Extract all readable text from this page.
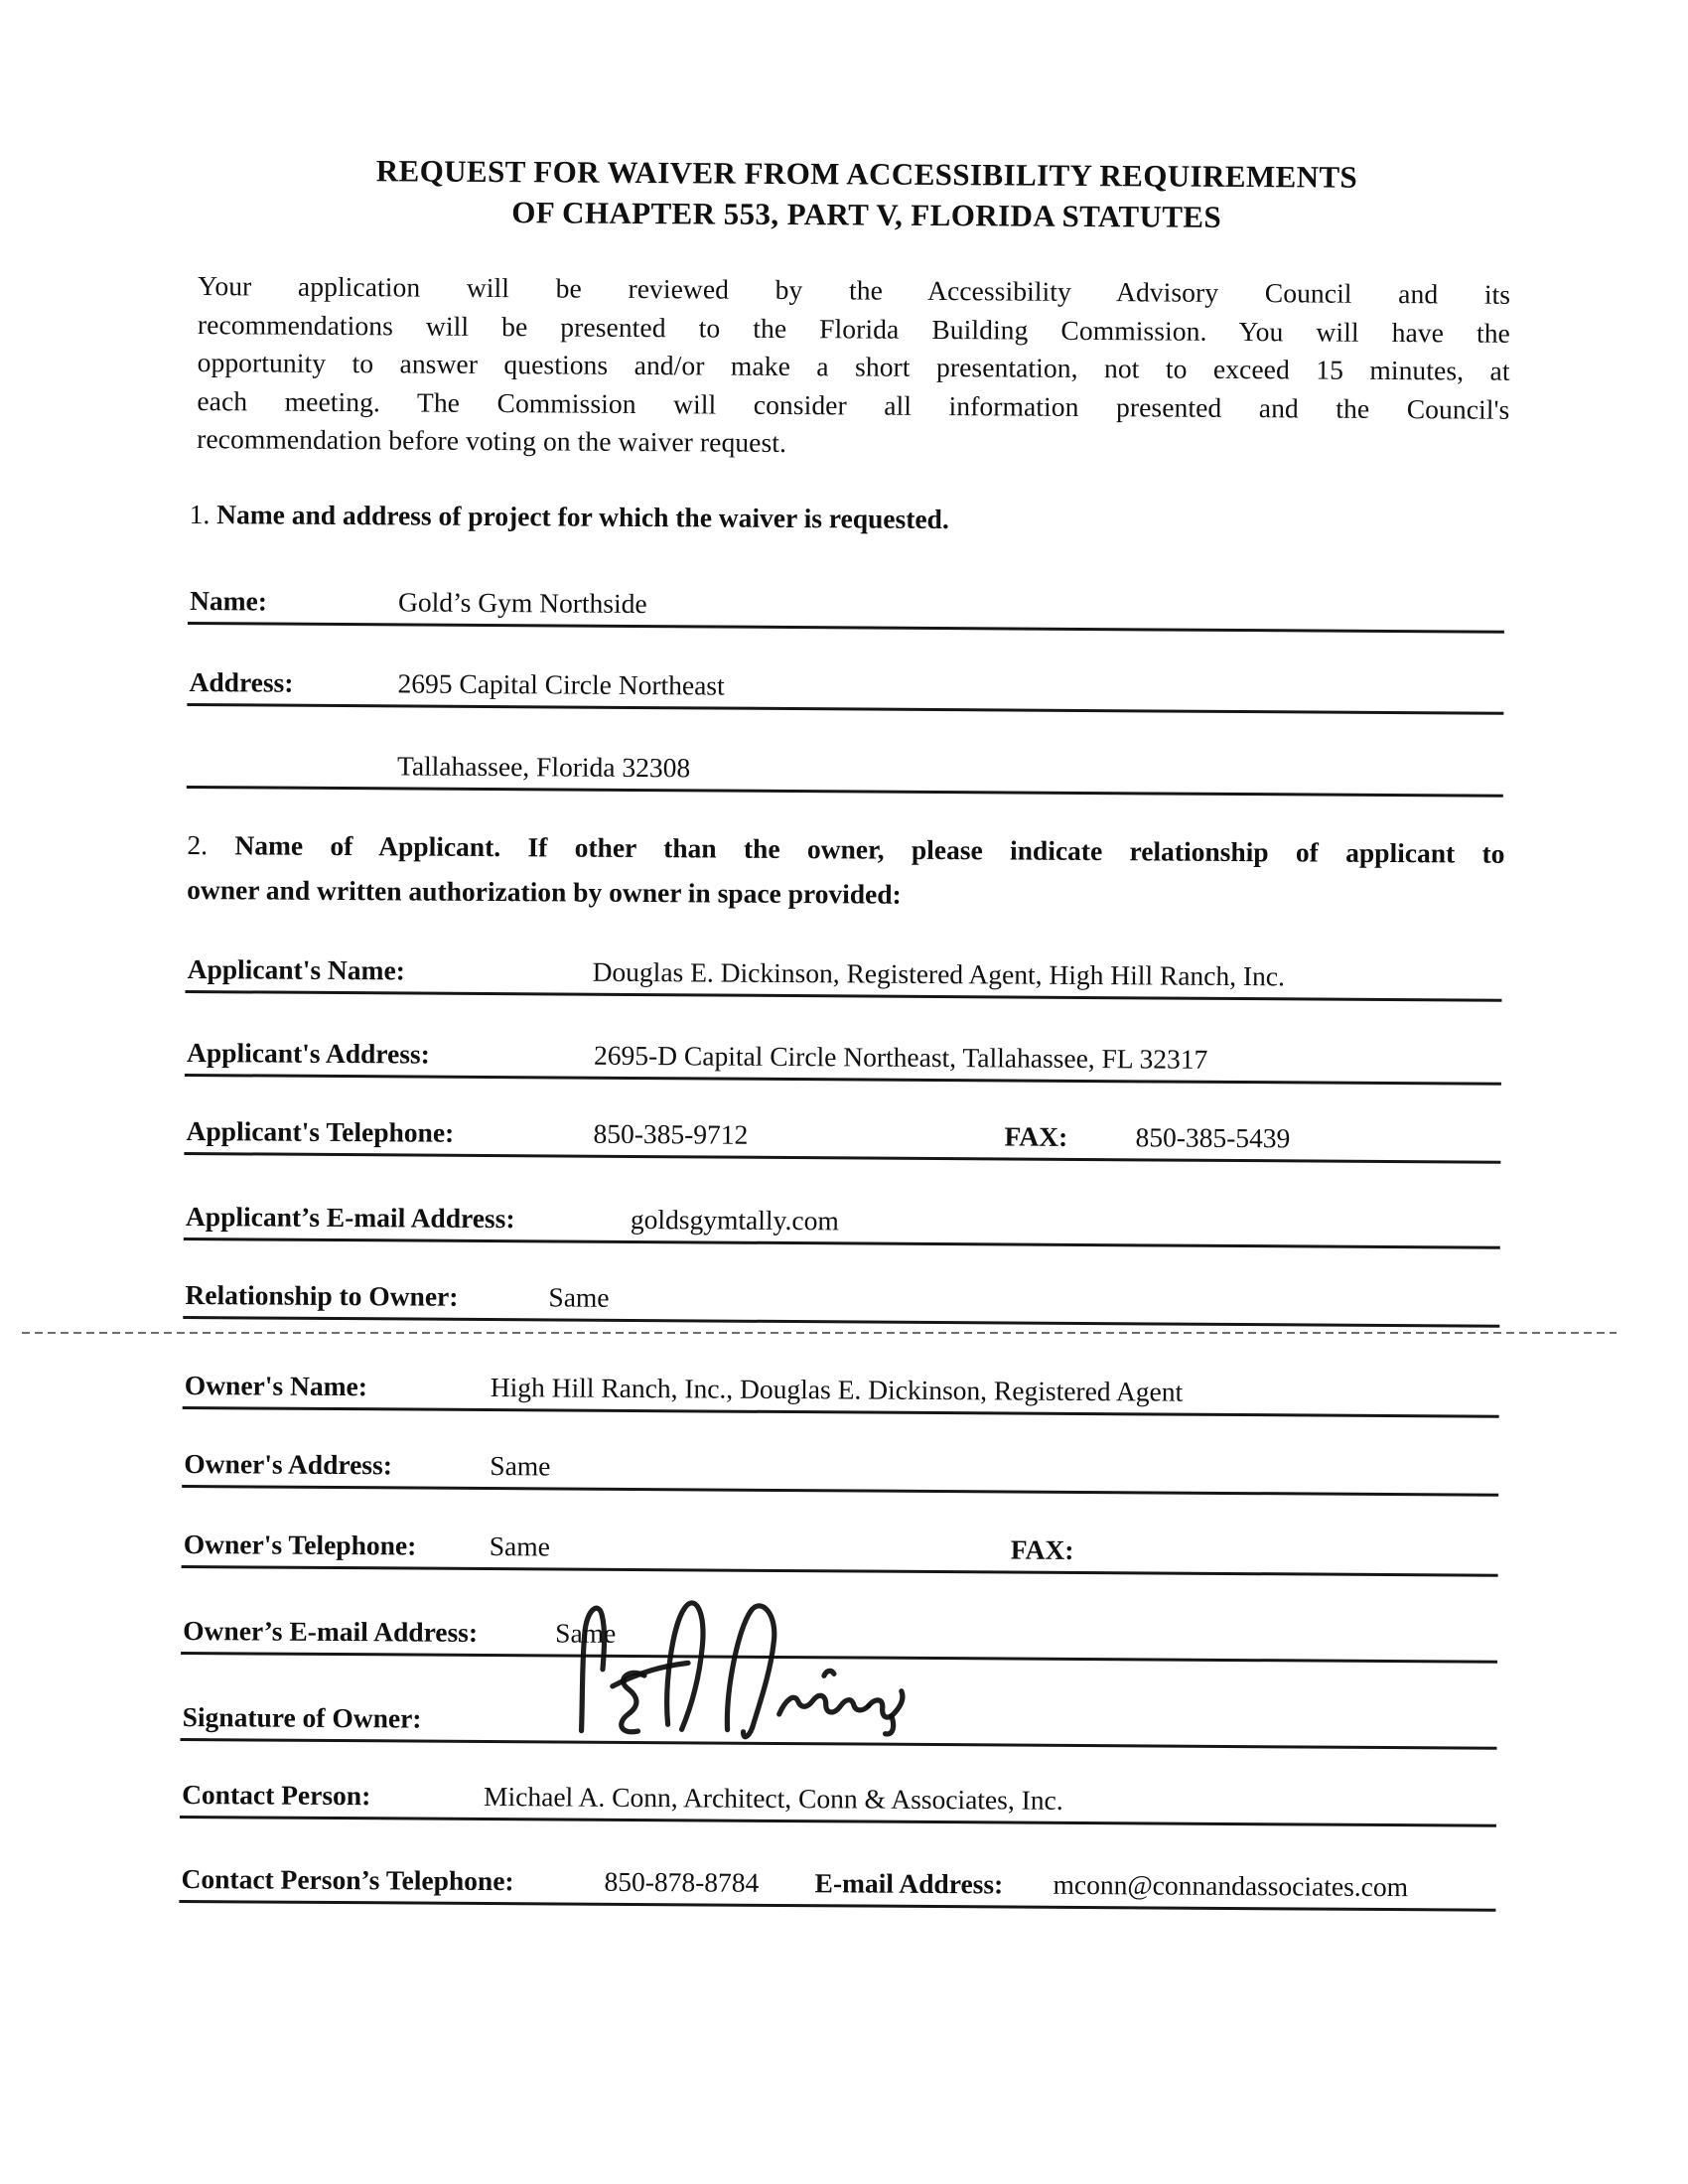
REQUEST FOR WAIVER FROM ACCESSIBILITY REQUIREMENTS
OF CHAPTER 553, PART V, FLORIDA STATUTES
Your application will be reviewed by the Accessibility Advisory Council and its
recommendations will be presented to the Florida Building Commission. You will have the
opportunity to answer questions and/or make a short presentation, not to exceed 15 minutes, at
each meeting. The Commission will consider all information presented and the Council's
recommendation before voting on the waiver request.
1. Name and address of project for which the waiver is requested.
2. Name of Applicant. If other than the owner, please indicate relationship of applicant to
owner and written authorization by owner in space provided:
Name:	Gold’s Gym Northside
Address:	2695 Capital Circle Northeast
Tallahassee, Florida 32308
Applicant's Name:	Douglas E. Dickinson, Registered Agent, High Hill Ranch, Inc.
Applicant's Address:	2695-D Capital Circle Northeast, Tallahassee, FL 32317
Applicant's Telephone:	850-385-9712	FAX: 850-385-5439
Applicant’s E-mail Address:	goldsgymtally.com
Relationship to Owner:	Same
Owner's Name:	High Hill Ranch, Inc., Douglas E. Dickinson, Registered Agent
Owner's Address:	Same
Owner's Telephone:	Same	FAX:
Owner’s E-mail Address:	Same
Signature of Owner:
Contact Person:	Michael A. Conn, Architect, Conn & Associates, Inc.
Contact Person’s Telephone:	850-878-8784 E-mail Address: mconn@connandassociates.com
